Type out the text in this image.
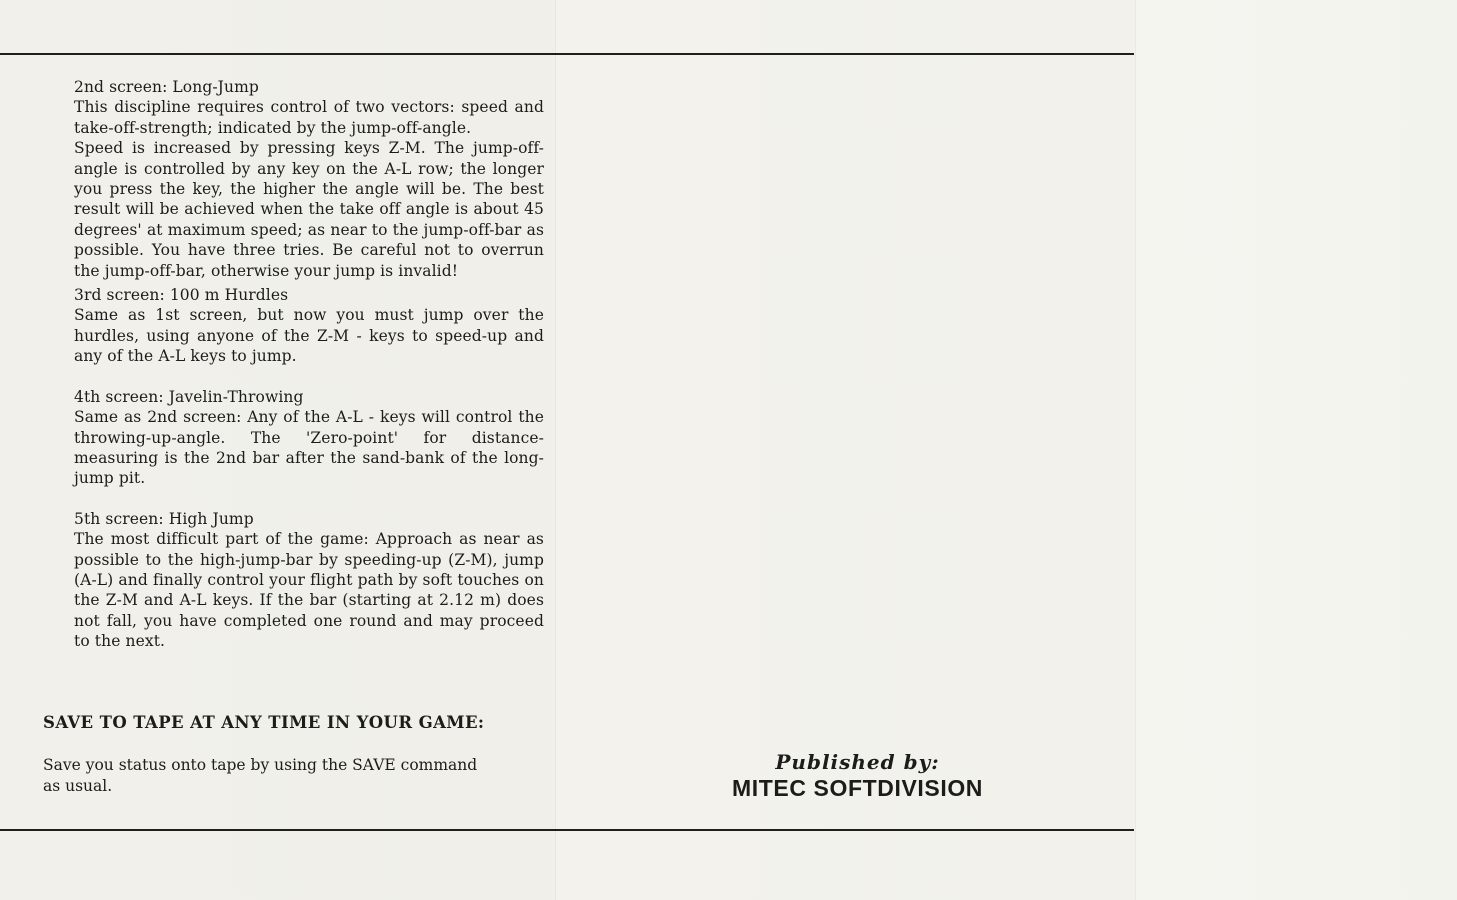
2nd screen: Long-Jump

This discipline requires control of two vectors: speed and take-off-strength; indicated by the jump-off-angle.

Speed is increased by pressing keys Z-M. The jump-off-angle is controlled by any key on the A-L row; the longer you press the key, the higher the angle will be. The best result will be achieved when the take off angle is about 45 degrees' at maximum speed; as near to the jump-off-bar as possible. You have three tries. Be careful not to overrun the jump-off-bar, otherwise your jump is invalid!

3rd screen: 100 m Hurdles

Same as 1st screen, but now you must jump over the hurdles, using anyone of the Z-M - keys to speed-up and any of the A-L keys to jump.

4th screen: Javelin-Throwing

Same as 2nd screen: Any of the A-L - keys will control the throwing-up-angle. The 'Zero-point' for distance-measuring is the 2nd bar after the sand-bank of the long-jump pit.

5th screen: High Jump

The most difficult part of the game: Approach as near as possible to the high-jump-bar by speeding-up (Z-M), jump (A-L) and finally control your flight path by soft touches on the Z-M and A-L keys. If the bar (starting at 2.12 m) does not fall, you have completed one round and may proceed to the next.

SAVE TO TAPE AT ANY TIME IN YOUR GAME:

Save you status onto tape by using the SAVE command as usual.

Published by:
MITEC SOFTDIVISION
